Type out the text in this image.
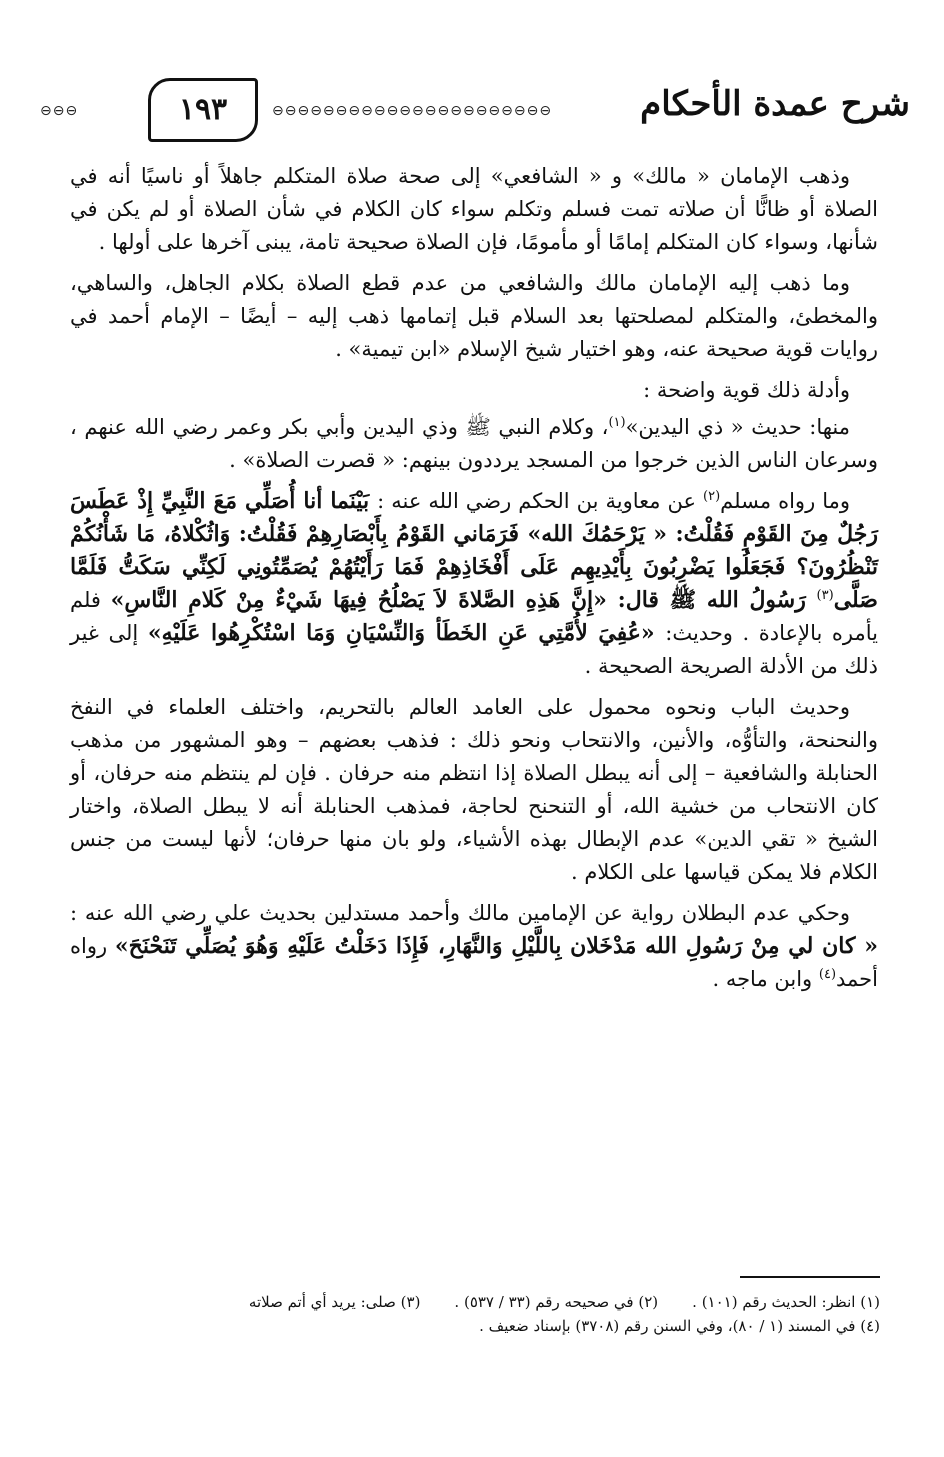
⊖⊖⊖	١٩٣	⊖⊖⊖⊖⊖⊖⊖⊖⊖⊖⊖⊖⊖⊖⊖⊖⊖⊖⊖⊖⊖⊖	شرح عمدة الأحكام

وذهب الإمامان « مالك» و « الشافعي» إلى صحة صلاة المتكلم جاهلاً أو ناسيًا أنه في الصلاة أو ظانًّا أن صلاته تمت فسلم وتكلم سواء كان الكلام في شأن الصلاة أو لم يكن في شأنها، وسواء كان المتكلم إمامًا أو مأمومًا، فإن الصلاة صحيحة تامة، يبنى آخرها على أولها .

وما ذهب إليه الإمامان مالك والشافعي من عدم قطع الصلاة بكلام الجاهل، والساهي، والمخطئ، والمتكلم لمصلحتها بعد السلام قبل إتمامها ذهب إليه – أيضًا – الإمام أحمد في روايات قوية صحيحة عنه، وهو اختيار شيخ الإسلام «ابن تيمية» .

وأدلة ذلك قوية واضحة :

منها: حديث « ذي اليدين»$^{(١)}$، وكلام النبي ﷺ وذي اليدين وأبي بكر وعمر رضي الله عنهم ، وسرعان الناس الذين خرجوا من المسجد يرددون بينهم: « قصرت الصلاة» .

وما رواه مسلم$^{(٢)}$ عن معاوية بن الحكم رضي الله عنه : بَيْنَما أنا أُصَلِّي مَعَ النَّبِيِّ إِذْ عَطَسَ رَجُلٌ مِنَ القَوْمِ فَقُلْتُ: « يَرْحَمُكَ الله» فَرَمَاني القَوْمُ بِأَبْصَارِهِمْ فَقُلْتُ: وَاثُكْلاهُ، مَا شَأْنُكُمْ تَنْظُرُونَ؟ فَجَعَلُوا يَضْرِبُونَ بِأَيْدِيهِم عَلَى أَفْخَاذِهِمْ فَمَا رَأَيْتُهُمْ يُصَمِّتُونِي لَكِنِّي سَكَتُّ فَلَمَّا صَلَّى$^{(٣)}$ رَسُولُ الله ﷺ قال: «إِنَّ هَذِهِ الصَّلاةَ لاَ يَصْلُحُ فِيهَا شَيْءٌ مِنْ كَلامِ النَّاسِ» فلم يأمره بالإعادة . وحديث: «عُفِيَ لأُمَّتِي عَنِ الخَطَأ وَالنِّسْيَانِ وَمَا اسْتُكْرِهُوا عَلَيْهِ» إلى غير ذلك من الأدلة الصريحة الصحيحة .

وحديث الباب ونحوه محمول على العامد العالم بالتحريم، واختلف العلماء في النفخ والنحنحة، والتأوُّه، والأنين، والانتحاب ونحو ذلك : فذهب بعضهم – وهو المشهور من مذهب الحنابلة والشافعية – إلى أنه يبطل الصلاة إذا انتظم منه حرفان . فإن لم ينتظم منه حرفان، أو كان الانتحاب من خشية الله، أو التنحنح لحاجة، فمذهب الحنابلة أنه لا يبطل الصلاة، واختار الشيخ « تقي الدين» عدم الإبطال بهذه الأشياء، ولو بان منها حرفان؛ لأنها ليست من جنس الكلام فلا يمكن قياسها على الكلام .

وحكي عدم البطلان رواية عن الإمامين مالك وأحمد مستدلين بحديث علي رضي الله عنه : « كان لي مِنْ رَسُولِ الله مَدْخَلان بِاللَّيْلِ وَالنَّهَارِ، فَإِذَا دَخَلْتُ عَلَيْهِ وَهُوَ يُصَلِّي تَنَحْنَحَ» رواه أحمد$^{(٤)}$ وابن ماجه .

(١) انظر: الحديث رقم (١٠١) .
(٢) في صحيحه رقم (٣٣ / ٥٣٧) .
(٣) صلى: يريد أي أتم صلاته
(٤) في المسند (١ / ٨٠)، وفي السنن رقم (٣٧٠٨) بإسناد ضعيف .
